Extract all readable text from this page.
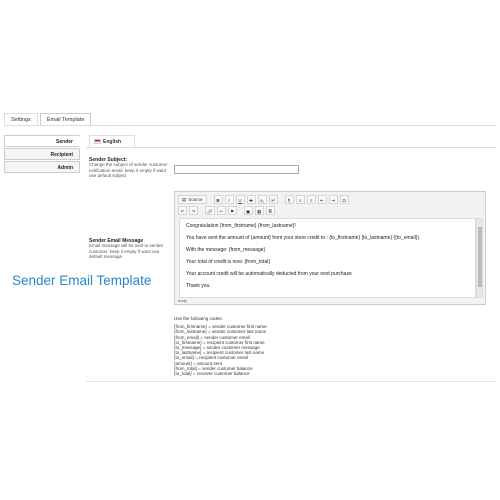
Settings	Email Template
Sender
Recipient
Admin
English
Sender Subject:
Change the subject of sender customer notification email. keep it empty if want use default subject
Sender Email Message
Email message will be sent to sender customer. keep it empty if want use default message.
▤ Source	B	I	U	S	x₂	x²	¶	≡	≡	⇤	⇥	Ω
↶	↷	🔗	✂	⚑	▣	▦	≣
Congratulation {from_firstname} {from_lastname}!
You have sent the amount of {amount} from your store credit to : {to_firstname} {to_lastname} ({to_email}).
With the message: {from_message}
Your total of credit is now: {from_total}
Your account credit will be automatically deducted from your next purchase
Thank you.
body
Use the following codes:
{from_firstname} = sender customer first name
{from_lastname} = sender customer last name
{from_email} = sender customer email
{to_firstname} = recipient customer first name
{to_message} = sender customer message
{to_lastname} = recipient customer last name
{to_email} = recipient customer email
{amount} = amount sent
{from_total} = sender customer balance
{to_total} = receiver customer balance
Sender Email Template
